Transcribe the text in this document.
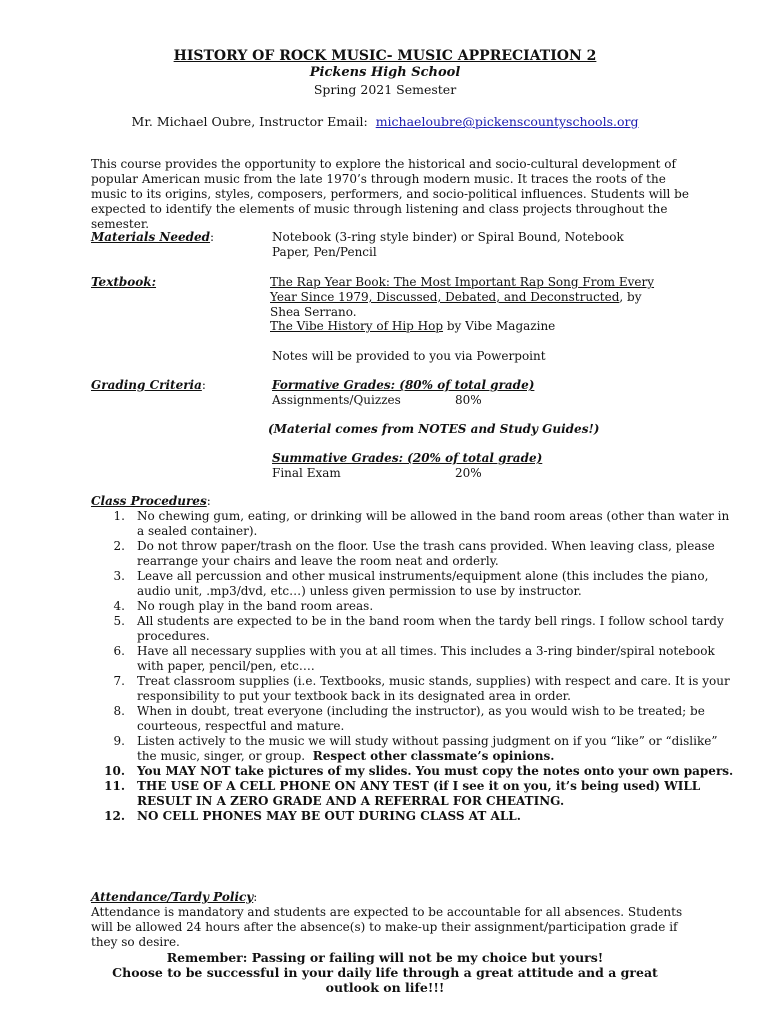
HISTORY OF ROCK MUSIC- MUSIC APPRECIATION 2
Pickens High School
Spring 2021 Semester
Mr. Michael Oubre, Instructor Email: michaeloubre@pickenscountyschools.org
This course provides the opportunity to explore the historical and socio-cultural development of popular American music from the late 1970’s through modern music. It traces the roots of the music to its origins, styles, composers, performers, and socio-political influences. Students will be expected to identify the elements of music through listening and class projects throughout the semester.
Materials Needed:	Notebook (3-ring style binder) or Spiral Bound, Notebook Paper, Pen/Pencil
Textbook:	The Rap Year Book: The Most Important Rap Song From Every Year Since 1979, Discussed, Debated, and Deconstructed, by Shea Serrano.
The Vibe History of Hip Hop by Vibe Magazine
Notes will be provided to you via Powerpoint
Grading Criteria:	Formative Grades: (80% of total grade)
Assignments/Quizzes	80%
(Material comes from NOTES and Study Guides!)
Summative Grades: (20% of total grade)
Final Exam	20%
Class Procedures:
No chewing gum, eating, or drinking will be allowed in the band room areas (other than water in a sealed container).
Do not throw paper/trash on the floor. Use the trash cans provided. When leaving class, please rearrange your chairs and leave the room neat and orderly.
Leave all percussion and other musical instruments/equipment alone (this includes the piano, audio unit, .mp3/dvd, etc…) unless given permission to use by instructor.
No rough play in the band room areas.
All students are expected to be in the band room when the tardy bell rings. I follow school tardy procedures.
Have all necessary supplies with you at all times. This includes a 3-ring binder/spiral notebook with paper, pencil/pen, etc….
Treat classroom supplies (i.e. Textbooks, music stands, supplies) with respect and care. It is your responsibility to put your textbook back in its designated area in order.
When in doubt, treat everyone (including the instructor), as you would wish to be treated; be courteous, respectful and mature.
Listen actively to the music we will study without passing judgment on if you “like” or “dislike” the music, singer, or group. Respect other classmate’s opinions.
You MAY NOT take pictures of my slides. You must copy the notes onto your own papers.
THE USE OF A CELL PHONE ON ANY TEST (if I see it on you, it’s being used) WILL RESULT IN A ZERO GRADE AND A REFERRAL FOR CHEATING.
NO CELL PHONES MAY BE OUT DURING CLASS AT ALL.
Attendance/Tardy Policy:
Attendance is mandatory and students are expected to be accountable for all absences. Students will be allowed 24 hours after the absence(s) to make-up their assignment/participation grade if they so desire.
Remember: Passing or failing will not be my choice but yours!
Choose to be successful in your daily life through a great attitude and a great outlook on life!!!
